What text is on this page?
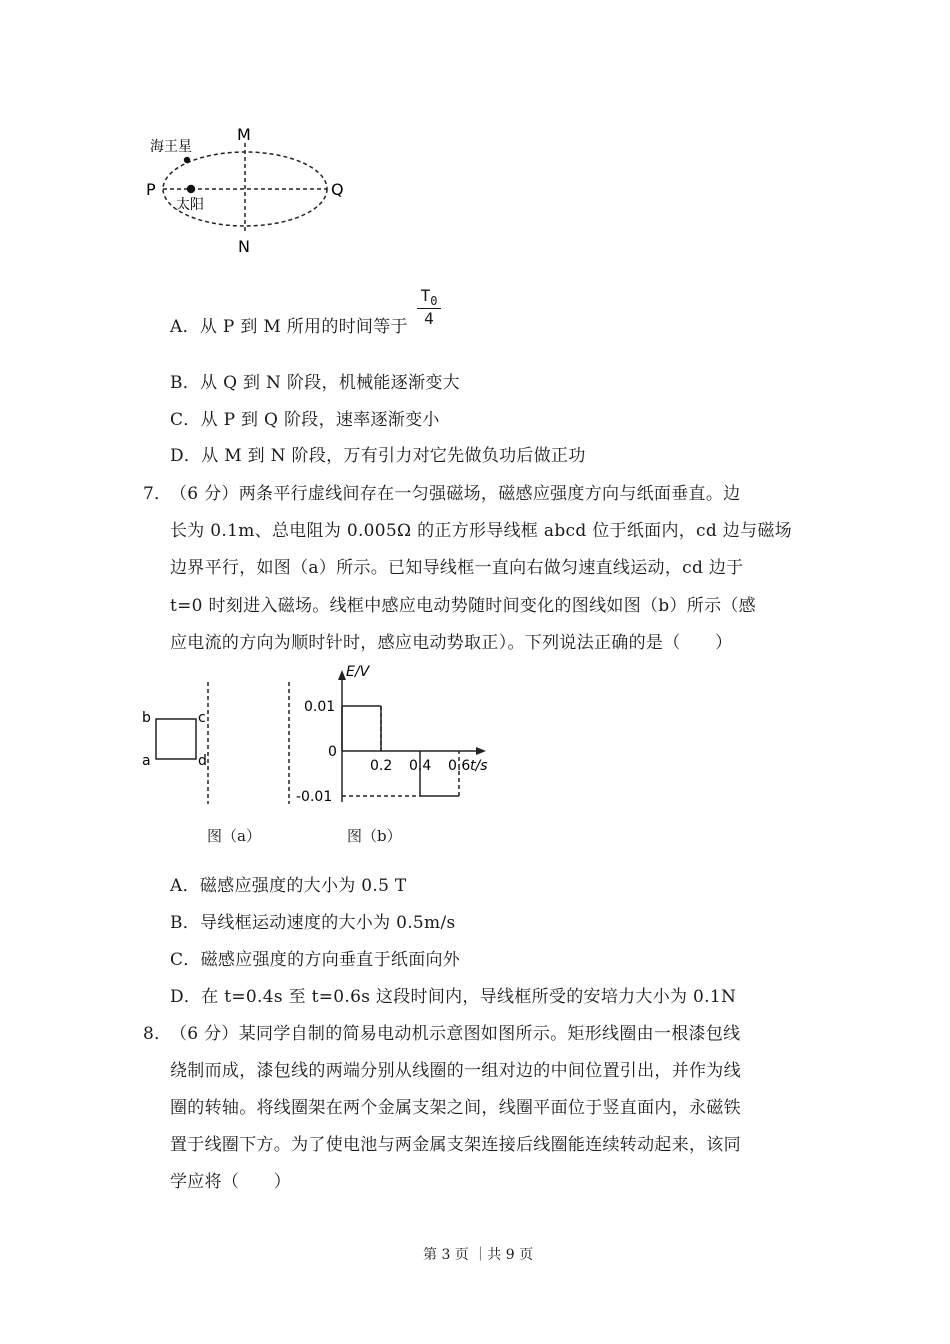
海王星
太阳
M
N
P	Q
A．从 P 到 M 所用的时间等于
$T_0$
4
B．从 Q 到 N 阶段，机械能逐渐变大
C．从 P 到 Q 阶段，速率逐渐变小
D．从 M 到 N 阶段，万有引力对它先做负功后做正功
7．
（6 分）两条平行虚线间存在一匀强磁场，磁感应强度方向与纸面垂直。边
长为 0.1m、总电阻为 0.005Ω 的正方形导线框 abcd 位于纸面内，cd 边与磁场
边界平行，如图（a）所示。已知导线框一直向右做匀速直线运动，cd 边于
t=0 时刻进入磁场。线框中感应电动势随时间变化的图线如图（b）所示（感
应电流的方向为顺时针时，感应电动势取正）。下列说法正确的是（　　）
b
a
c
d
图（a）
E/V
t/s
0.2 0.4 0.6
0.01
0
-0.01
图（b）
A．磁感应强度的大小为 0.5 T
B．导线框运动速度的大小为 0.5m/s
C．磁感应强度的方向垂直于纸面向外
D．在 t=0.4s 至 t=0.6s 这段时间内，导线框所受的安培力大小为 0.1N
8．
（6 分）某同学自制的简易电动机示意图如图所示。矩形线圈由一根漆包线
绕制而成，漆包线的两端分别从线圈的一组对边的中间位置引出，并作为线
圈的转轴。将线圈架在两个金属支架之间，线圈平面位于竖直面内，永磁铁
置于线圈下方。为了使电池与两金属支架连接后线圈能连续转动起来，该同
学应将（　　）
第 3 页 ｜共 9 页
